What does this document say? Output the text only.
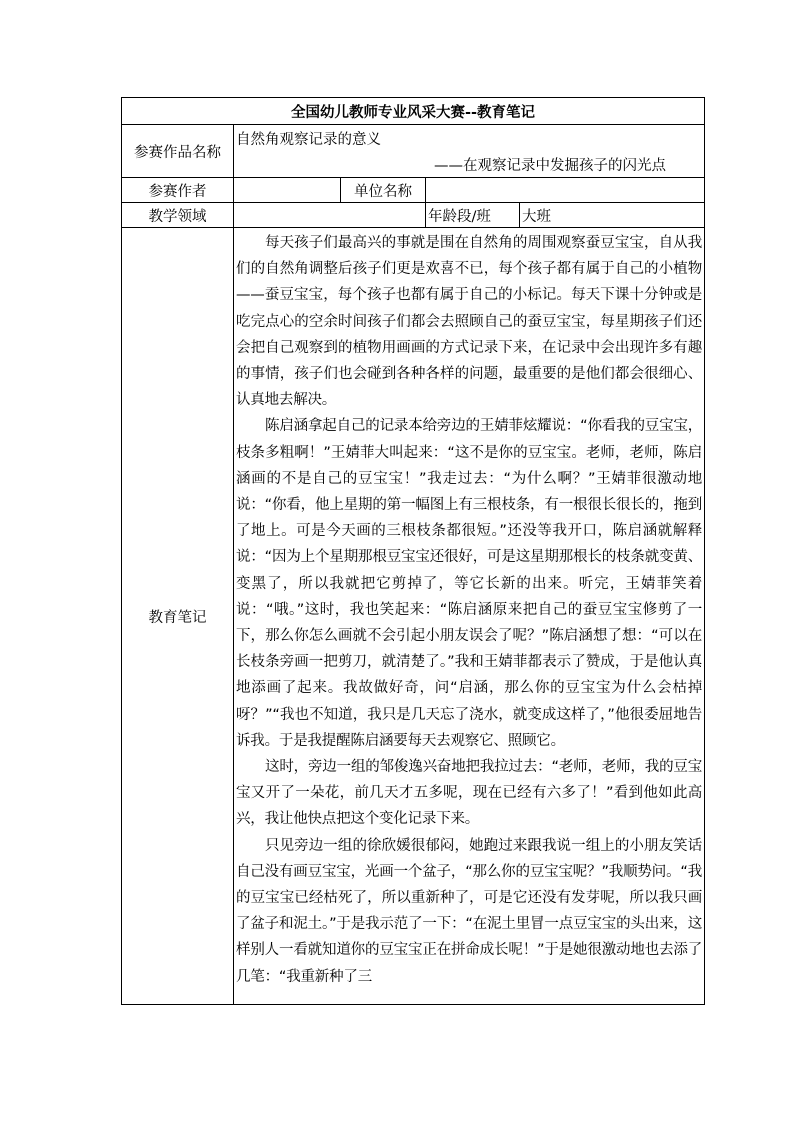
全国幼儿教师专业风采大赛--教育笔记				
参赛作品名称	自然角观察记录的意义
——在观察记录中发掘孩子的闪光点			

参赛作者		单位名称		
教学领域			年龄段/班	大班
教育笔记	每天孩子们最高兴的事就是围在自然角的周围观察蚕豆宝宝，自从我们的自然角调整后孩子们更是欢喜不已，每个孩子都有属于自己的小植物——蚕豆宝宝，每个孩子也都有属于自己的小标记。每天下课十分钟或是吃完点心的空余时间孩子们都会去照顾自己的蚕豆宝宝，每星期孩子们还会把自己观察到的植物用画画的方式记录下来，在记录中会出现许多有趣的事情，孩子们也会碰到各种各样的问题，最重要的是他们都会很细心、认真地去解决。

陈启涵拿起自己的记录本给旁边的王婧菲炫耀说：“你看我的豆宝宝，枝条多粗啊！”王婧菲大叫起来：“这不是你的豆宝宝。老师，老师，陈启涵画的不是自己的豆宝宝！”我走过去：“为什么啊？”王婧菲很激动地说：“你看，他上星期的第一幅图上有三根枝条，有一根很长很长的，拖到了地上。可是今天画的三根枝条都很短。”还没等我开口，陈启涵就解释说：“因为上个星期那根豆宝宝还很好，可是这星期那根长的枝条就变黄、变黑了，所以我就把它剪掉了，等它长新的出来。听完，王婧菲笑着说：“哦。”这时，我也笑起来：“陈启涵原来把自己的蚕豆宝宝修剪了一下，那么你怎么画就不会引起小朋友误会了呢？”陈启涵想了想：“可以在长枝条旁画一把剪刀，就清楚了。”我和王婧菲都表示了赞成，于是他认真地添画了起来。我故做好奇，问“启涵，那么你的豆宝宝为什么会枯掉呀？”“我也不知道，我只是几天忘了浇水，就变成这样了，”他很委屈地告诉我。于是我提醒陈启涵要每天去观察它、照顾它。

这时，旁边一组的邹俊逸兴奋地把我拉过去：“老师，老师，我的豆宝宝又开了一朵花，前几天才五多呢，现在已经有六多了！”看到他如此高兴，我让他快点把这个变化记录下来。

只见旁边一组的徐欣媛很郁闷，她跑过来跟我说一组上的小朋友笑话自己没有画豆宝宝，光画一个盆子，“那么你的豆宝宝呢？”我顺势问。“我的豆宝宝已经枯死了，所以重新种了，可是它还没有发芽呢，所以我只画了盆子和泥土。”于是我示范了一下：“在泥土里冒一点豆宝宝的头出来，这样别人一看就知道你的豆宝宝正在拼命成长呢！”于是她很激动地也去添了几笔：“我重新种了三			
